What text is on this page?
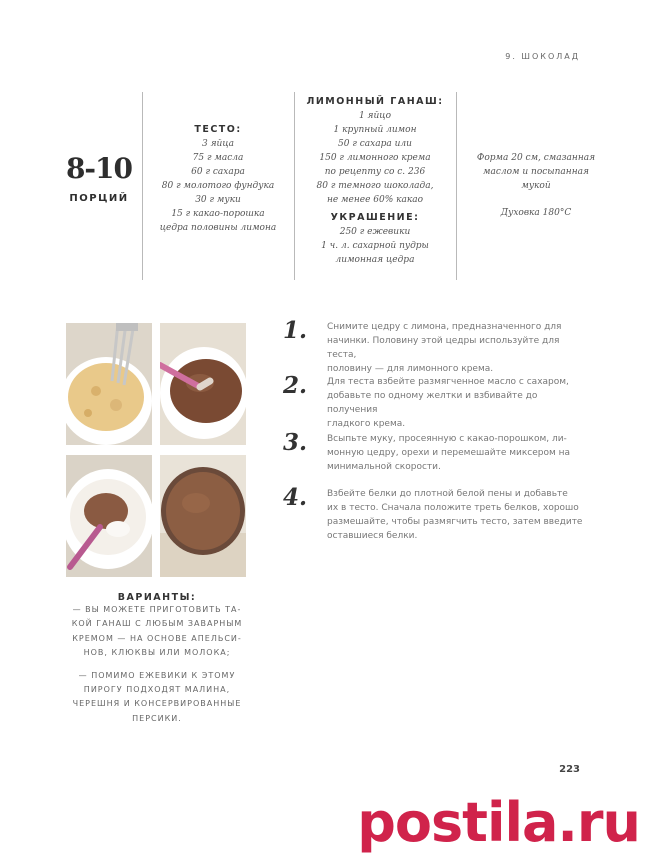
9. ШОКОЛАД
8-10
ПОРЦИЙ
ТЕСТО:
3 яйца
75 г масла
60 г сахара
80 г молотого фундука
30 г муки
15 г какао-порошка
цедра половины лимона
ЛИМОННЫЙ ГАНАШ:
1 яйцо
1 крупный лимон
50 г сахара или
150 г лимонного крема
по рецепту со с. 236
80 г темного шоколада,
не менее 60% какао
УКРАШЕНИЕ:
250 г ежевики
1 ч. л. сахарной пудры
лимонная цедра
Форма 20 см, смазанная
маслом и посыпанная
мукой
Духовка 180°C
1. Снимите цедру с лимона, предназначенного для
начинки. Половину этой цедры используйте для теста,
половину — для лимонного крема.
2. Для теста взбейте размягченное масло с сахаром,
добавьте по одному желтки и взбивайте до получения
гладкого крема.
3. Всыпьте муку, просеянную с какао-порошком, ли-
монную цедру, орехи и перемешайте миксером на
минимальной скорости.
4. Взбейте белки до плотной белой пены и добавьте
их в тесто. Сначала положите треть белков, хорошо
размешайте, чтобы размягчить тесто, затем введите
оставшиеся белки.
ВАРИАНТЫ:

— ВЫ МОЖЕТЕ ПРИГОТОВИТЬ ТА-
КОЙ ГАНАШ С ЛЮБЫМ ЗАВАРНЫМ
КРЕМОМ — НА ОСНОВЕ АПЕЛЬСИ-
НОВ, КЛЮКВЫ ИЛИ МОЛОКА;

— ПОМИМО ЕЖЕВИКИ К ЭТОМУ
ПИРОГУ ПОДХОДЯТ МАЛИНА,
ЧЕРЕШНЯ И КОНСЕРВИРОВАННЫЕ
ПЕРСИКИ.

223
postila.ru
